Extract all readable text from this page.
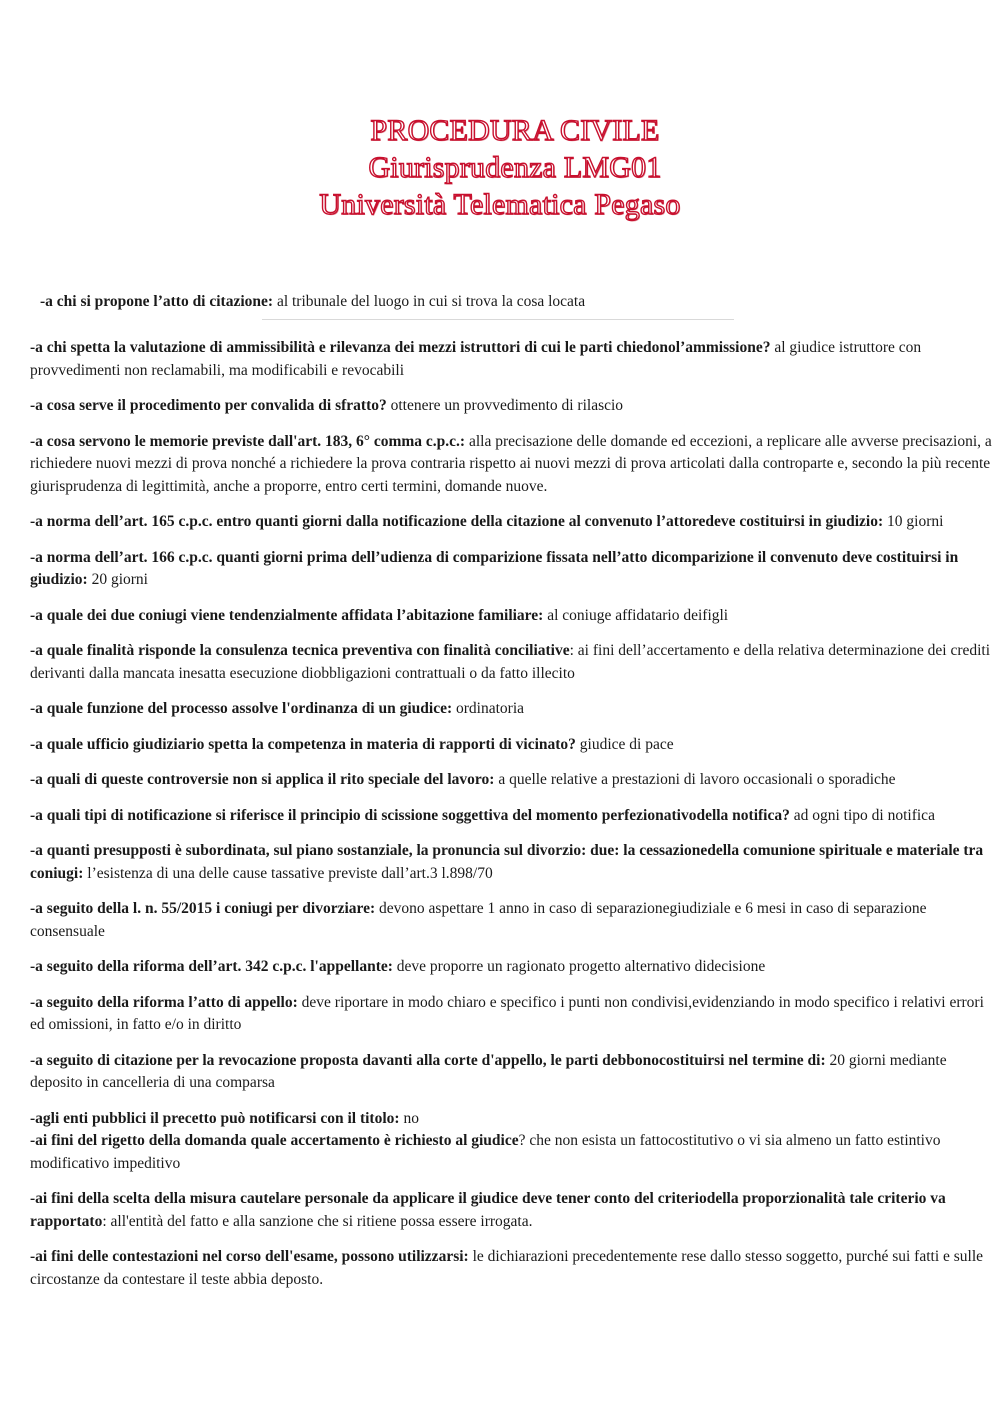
PROCEDURA CIVILE
Giurisprudenza LMG01
Università Telematica Pegaso
-a chi si propone l’atto di citazione: al tribunale del luogo in cui si trova la cosa locata

-a chi spetta la valutazione di ammissibilità e rilevanza dei mezzi istruttori di cui le parti chiedonol’ammissione? al giudice istruttore con provvedimenti non reclamabili, ma modificabili e revocabili

-a cosa serve il procedimento per convalida di sfratto? ottenere un provvedimento di rilascio

-a cosa servono le memorie previste dall'art. 183, 6° comma c.p.c.: alla precisazione delle domande ed eccezioni, a replicare alle avverse precisazioni, a richiedere nuovi mezzi di prova nonché a richiedere la prova contraria rispetto ai nuovi mezzi di prova articolati dalla controparte e, secondo la più recente giurisprudenza di legittimità, anche a proporre, entro certi termini, domande nuove.

-a norma dell’art. 165 c.p.c. entro quanti giorni dalla notificazione della citazione al convenuto l’attoredeve costituirsi in giudizio: 10 giorni

-a norma dell’art. 166 c.p.c. quanti giorni prima dell’udienza di comparizione fissata nell’atto dicomparizione il convenuto deve costituirsi in giudizio: 20 giorni

-a quale dei due coniugi viene tendenzialmente affidata l’abitazione familiare: al coniuge affidatario deifigli

-a quale finalità risponde la consulenza tecnica preventiva con finalità conciliative: ai fini dell’accertamento e della relativa determinazione dei crediti derivanti dalla mancata inesatta esecuzione diobbligazioni contrattuali o da fatto illecito

-a quale funzione del processo assolve l'ordinanza di un giudice: ordinatoria

-a quale ufficio giudiziario spetta la competenza in materia di rapporti di vicinato? giudice di pace

-a quali di queste controversie non si applica il rito speciale del lavoro: a quelle relative a prestazioni di lavoro occasionali o sporadiche

-a quali tipi di notificazione si riferisce il principio di scissione soggettiva del momento perfezionativodella notifica? ad ogni tipo di notifica

-a quanti presupposti è subordinata, sul piano sostanziale, la pronuncia sul divorzio: due: la cessazionedella comunione spirituale e materiale tra coniugi: l’esistenza di una delle cause tassative previste dall’art.3 l.898/70

-a seguito della l. n. 55/2015 i coniugi per divorziare: devono aspettare 1 anno in caso di separazionegiudiziale e 6 mesi in caso di separazione consensuale

-a seguito della riforma dell’art. 342 c.p.c. l'appellante: deve proporre un ragionato progetto alternativo didecisione

-a seguito della riforma l’atto di appello: deve riportare in modo chiaro e specifico i punti non condivisi,evidenziando in modo specifico i relativi errori ed omissioni, in fatto e/o in diritto

-a seguito di citazione per la revocazione proposta davanti alla corte d'appello, le parti debbonocostituirsi nel termine di: 20 giorni mediante deposito in cancelleria di una comparsa

-agli enti pubblici il precetto può notificarsi con il titolo: no

-ai fini del rigetto della domanda quale accertamento è richiesto al giudice? che non esista un fattocostitutivo o vi sia almeno un fatto estintivo modificativo impeditivo

-ai fini della scelta della misura cautelare personale da applicare il giudice deve tener conto del criteriodella proporzionalità tale criterio va rapportato: all'entità del fatto e alla sanzione che si ritiene possa essere irrogata.

-ai fini delle contestazioni nel corso dell'esame, possono utilizzarsi: le dichiarazioni precedentemente rese dallo stesso soggetto, purché sui fatti e sulle circostanze da contestare il teste abbia deposto.
